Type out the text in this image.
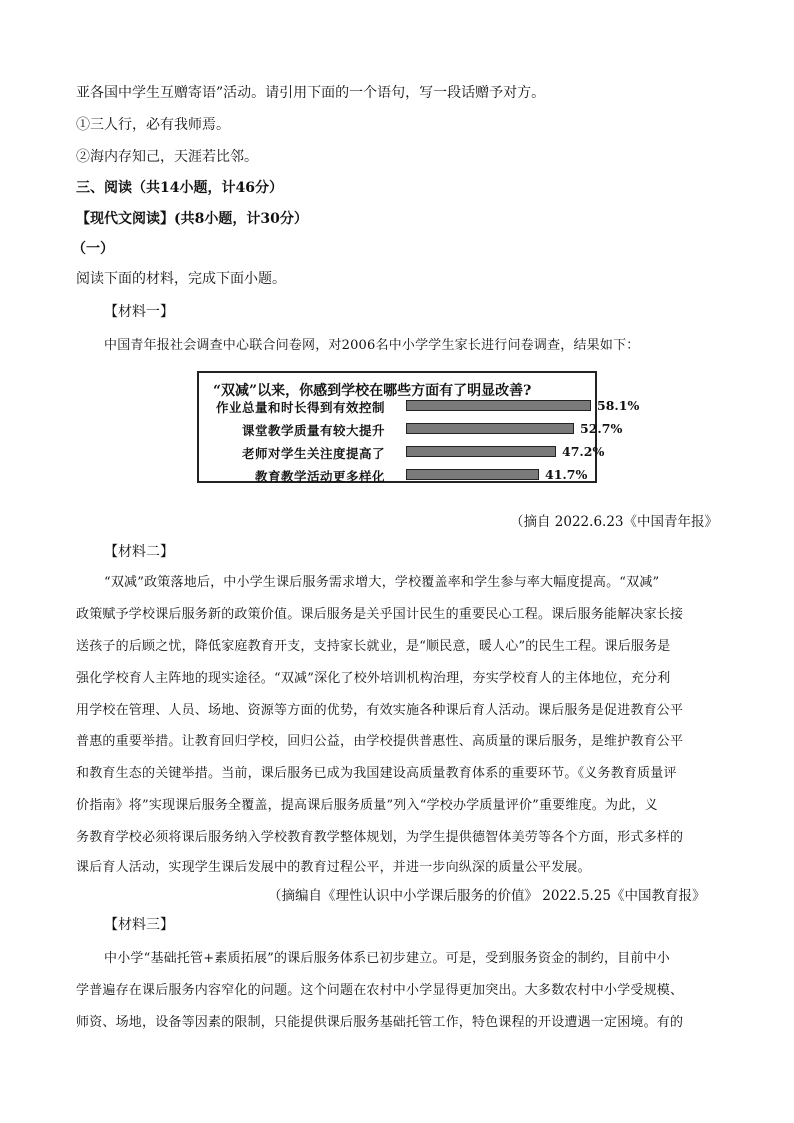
亚各国中学生互赠寄语”活动。请引用下面的一个语句，写一段话赠予对方。
①三人行，必有我师焉。
②海内存知己，天涯若比邻。
三、阅读（共14小题，计46分）
【现代文阅读】(共8小题，计30分）
（一）
阅读下面的材料，完成下面小题。
【材料一】
中国青年报社会调查中心联合问卷网，对2006名中小学学生家长进行问卷调查，结果如下：
“双减”以来，你感到学校在哪些方面有了明显改善?
作业总量和时长得到有效控制	58.1%
课堂教学质量有较大提升	52.7%
老师对学生关注度提高了	47.2%
教育教学活动更多样化	41.7%
（摘自 2022.6.23《中国青年报》
【材料二】
“双减”政策落地后，中小学生课后服务需求增大，学校覆盖率和学生参与率大幅度提高。“双减”
政策赋予学校课后服务新的政策价值。课后服务是关乎国计民生的重要民心工程。课后服务能解决家长接
送孩子的后顾之忧，降低家庭教育开支，支持家长就业，是“顺民意，暖人心”的民生工程。课后服务是
强化学校育人主阵地的现实途径。“双减”深化了校外培训机构治理，夯实学校育人的主体地位，充分利
用学校在管理、人员、场地、资源等方面的优势，有效实施各种课后育人活动。课后服务是促进教育公平
普惠的重要举措。让教育回归学校，回归公益，由学校提供普惠性、高质量的课后服务，是维护教育公平
和教育生态的关键举措。当前，课后服务已成为我国建设高质量教育体系的重要环节。《义务教育质量评
价指南》将”实现课后服务全覆盖，提高课后服务质量”列入“学校办学质量评价”重要维度。为此，义
务教育学校必须将课后服务纳入学校教育教学整体规划，为学生提供德智体美劳等各个方面，形式多样的
课后育人活动，实现学生课后发展中的教育过程公平，并进一步向纵深的质量公平发展。
（摘编自《理性认识中小学课后服务的价值》 2022.5.25《中国教育报》
【材料三】
中小学“基础托管+素质拓展”的课后服务体系已初步建立。可是，受到服务资金的制约，目前中小
学普遍存在课后服务内容窄化的问题。这个问题在农村中小学显得更加突出。大多数农村中小学受规模、
师资、场地，设备等因素的限制，只能提供课后服务基础托管工作，特色课程的开设遭遇一定困境。有的
